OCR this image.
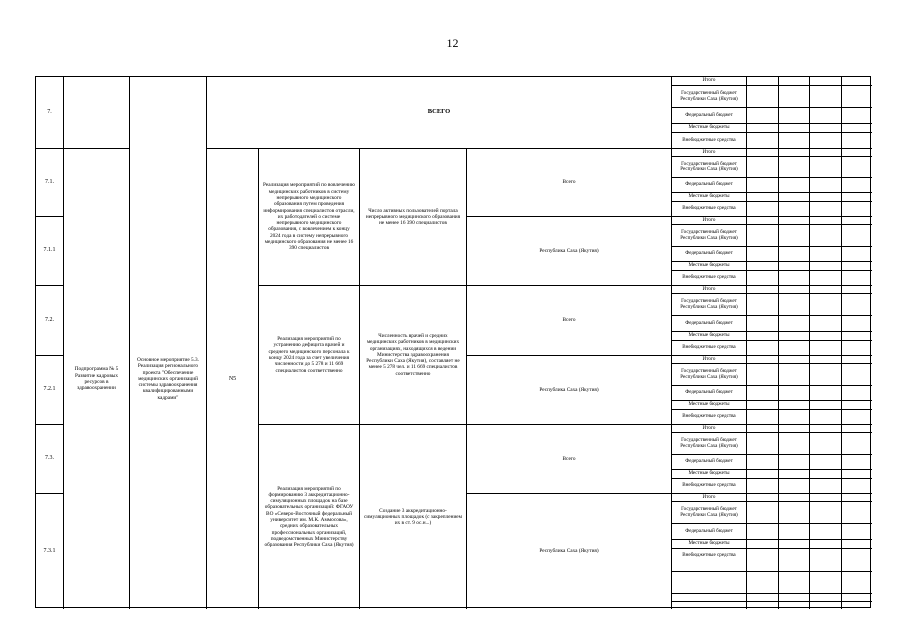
12
7.
7.1.
7.1.1
7.2.
7.2.1
7.3.
7.3.1
Подпрограмма № 5 Развитие кадровых ресурсов в здравоохранении
Основное мероприятие 5.3. Реализация регионального проекта "Обеспечение медицинских организаций системы здравоохранения квалифицированными кадрами"
ВСЕГО
N5
Реализация мероприятий по вовлечению медицинских работников в систему непрерывного медицинского образования путем проведения информирования специалистов отрасли, их работодателей о системе непрерывного медицинского образования, с вовлечением к концу 2024 года в систему непрерывного медицинского образования не менее 16 390 специалистов
Реализация мероприятий по устранению дефицита врачей и среднего медицинского персонала к концу 2024 года за счет увеличения численности до 5 278 и 11 669 специалистов соответственно
Реализация мероприятий по формированию 3 аккредитационно-симуляционных площадок на базе образовательных организаций: ФГАОУ ВО «Северо-Восточный федеральный университет им. М.К. Аммосова», средних образовательных профессиональных организаций, подведомственных Министерству образования Республики Саха (Якутия)
Число активных пользователей портала непрерывного медицинского образования не менее 16 390 специалистов
Численность врачей и средних медицинских работников в медицинских организациях, находящихся в ведении Министерства здравоохранения Республики Саха (Якутия), составляет не менее 5 278 чел. и 11 669 специалистов соответственно
Создание 3 аккредитационно-симуляционных площадок (с закреплением их в ст. 9 ос.н...)
Всего
Республика Саха (Якутия)
Всего
Республика Саха (Якутия)
Всего
Республика Саха (Якутия)
Итого
Государственный бюджет Республики Саха (Якутия)
Федеральный бюджет
Местные бюджеты
Внебюджетные средства
Итого
Государственный бюджет Республики Саха (Якутия)
Федеральный бюджет
Местные бюджеты
Внебюджетные средства
Итого
Государственный бюджет Республики Саха (Якутия)
Федеральный бюджет
Местные бюджеты
Внебюджетные средства
Итого
Государственный бюджет Республики Саха (Якутия)
Федеральный бюджет
Местные бюджеты
Внебюджетные средства
Итого
Государственный бюджет Республики Саха (Якутия)
Федеральный бюджет
Местные бюджеты
Внебюджетные средства
Итого
Государственный бюджет Республики Саха (Якутия)
Федеральный бюджет
Местные бюджеты
Внебюджетные средства
Итого
Государственный бюджет Республики Саха (Якутия)
Федеральный бюджет
Местные бюджеты
Внебюджетные средства
